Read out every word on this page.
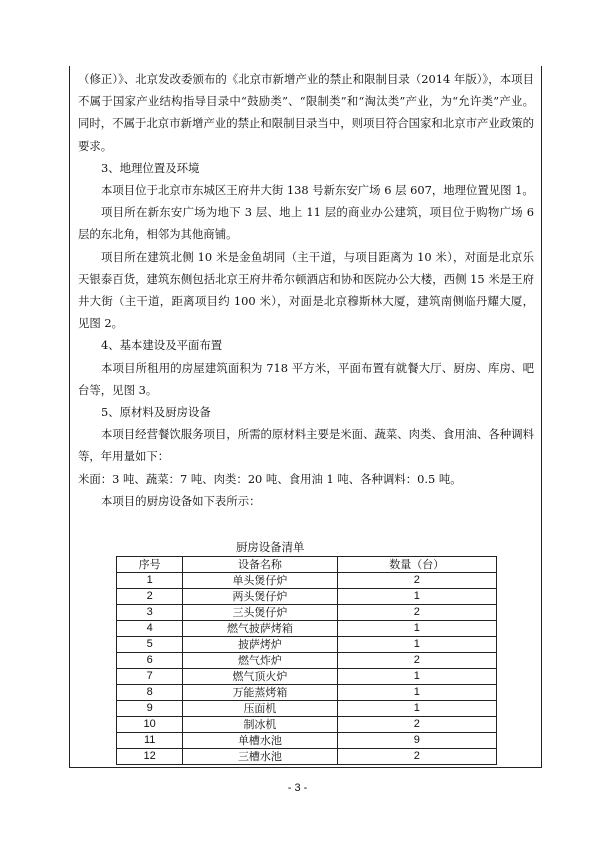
（修正）》、北京发改委颁布的《北京市新增产业的禁止和限制目录（2014 年版）》，本项目不属于国家产业结构指导目录中“鼓励类”、“限制类”和“淘汰类”产业，为“允许类”产业。同时，不属于北京市新增产业的禁止和限制目录当中，则项目符合国家和北京市产业政策的要求。

3、地理位置及环境

本项目位于北京市东城区王府井大街 138 号新东安广场 6 层 607，地理位置见图 1。

项目所在新东安广场为地下 3 层、地上 11 层的商业办公建筑，项目位于购物广场 6 层的东北角，相邻为其他商铺。

项目所在建筑北侧 10 米是金鱼胡同（主干道，与项目距离为 10 米），对面是北京乐天银泰百货，建筑东侧包括北京王府井希尔顿酒店和协和医院办公大楼，西侧 15 米是王府井大街（主干道，距离项目约 100 米），对面是北京穆斯林大厦，建筑南侧临丹耀大厦，见图 2。

4、基本建设及平面布置

本项目所租用的房屋建筑面积为 718 平方米，平面布置有就餐大厅、厨房、库房、吧台等，见图 3。

5、原材料及厨房设备

本项目经营餐饮服务项目，所需的原材料主要是米面、蔬菜、肉类、食用油、各种调料等，年用量如下：

米面：3 吨、蔬菜：7 吨、肉类：20 吨、食用油 1 吨、各种调料：0.5 吨。

本项目的厨房设备如下表所示：

厨房设备清单
序号	设备名称	数量（台）
1	单头煲仔炉	2
2	两头煲仔炉	1
3	三头煲仔炉	2
4	燃气披萨烤箱	1
5	披萨烤炉	1
6	燃气炸炉	2
7	燃气顶火炉	1
8	万能蒸烤箱	1
9	压面机	1
10	制冰机	2
11	单槽水池	9
12	三槽水池	2
- 3 -
